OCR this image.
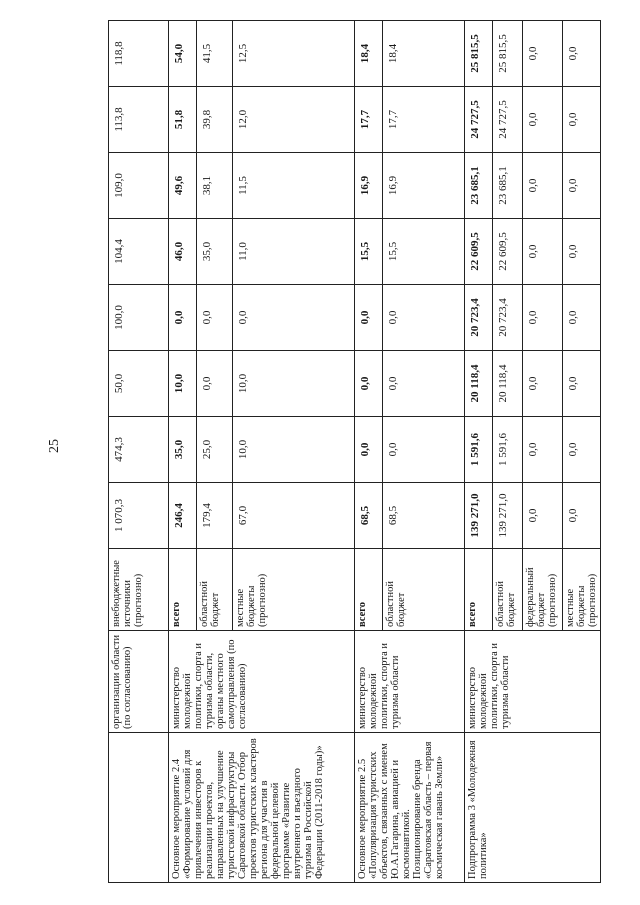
25
	организации области (по согласованию)	внебюджетные источники (прогнозно)	1 070,3	474,3	50,0	100,0	104,4	109,0	113,8	118,8
Основное мероприятие 2.4 «Формирование условий для привлечения инвесторов к реализации проектов, направленных на улучшение туристской инфраструктуры Саратовской области. Отбор проектов туристских кластеров региона для участия в федеральной целевой программе «Развитие внутреннего и въездного туризма в Российской Федерации (2011-2018 годы)»	министерство молодежной политики, спорта и туризма области, органы местного самоуправления (по согласованию)	всего	246,4	35,0	10,0	0,0	46,0	49,6	51,8	54,0
		областной бюджет	179,4	25,0	0,0	0,0	35,0	38,1	39,8	41,5
		местные бюджеты (прогнозно)	67,0	10,0	10,0	0,0	11,0	11,5	12,0	12,5
Основное мероприятие 2.5 «Популяризация туристских объектов, связанных с именем Ю.А.Гагарина, авиацией и космонавтикой. Позиционирование бренда «Саратовская область – первая космическая гавань Земли»	министерство молодежной политики, спорта и туризма области	всего	68,5	0,0	0,0	0,0	15,5	16,9	17,7	18,4
		областной бюджет	68,5	0,0	0,0	0,0	15,5	16,9	17,7	18,4
Подпрограмма 3 «Молодежная политика»	министерство молодежной политики, спорта и туризма области	всего	139 271,0	1 591,6	20 118,4	20 723,4	22 609,5	23 685,1	24 727,5	25 815,5
		областной бюджет	139 271,0	1 591,6	20 118,4	20 723,4	22 609,5	23 685,1	24 727,5	25 815,5
		федеральный бюджет (прогнозно)	0,0	0,0	0,0	0,0	0,0	0,0	0,0	0,0
		местные бюджеты (прогнозно)	0,0	0,0	0,0	0,0	0,0	0,0	0,0	0,0
